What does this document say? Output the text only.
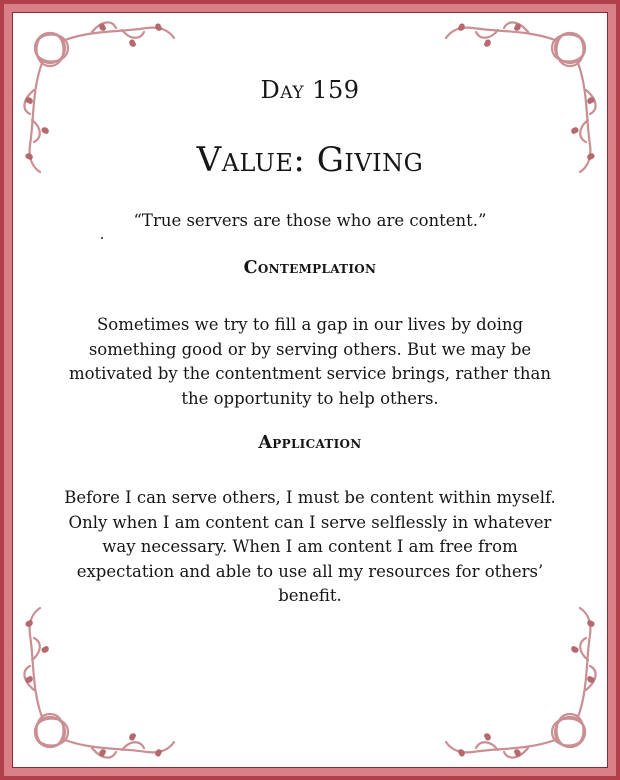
Day 159
Value: Giving
“True servers are those who are content.”
Contemplation
Sometimes we try to fill a gap in our lives by doing something good or by serving others. But we may be motivated by the contentment service brings, rather than the opportunity to help others.
Application
Before I can serve others, I must be content within myself. Only when I am content can I serve selflessly in whatever way necessary. When I am content I am free from expectation and able to use all my resources for others’ benefit.
